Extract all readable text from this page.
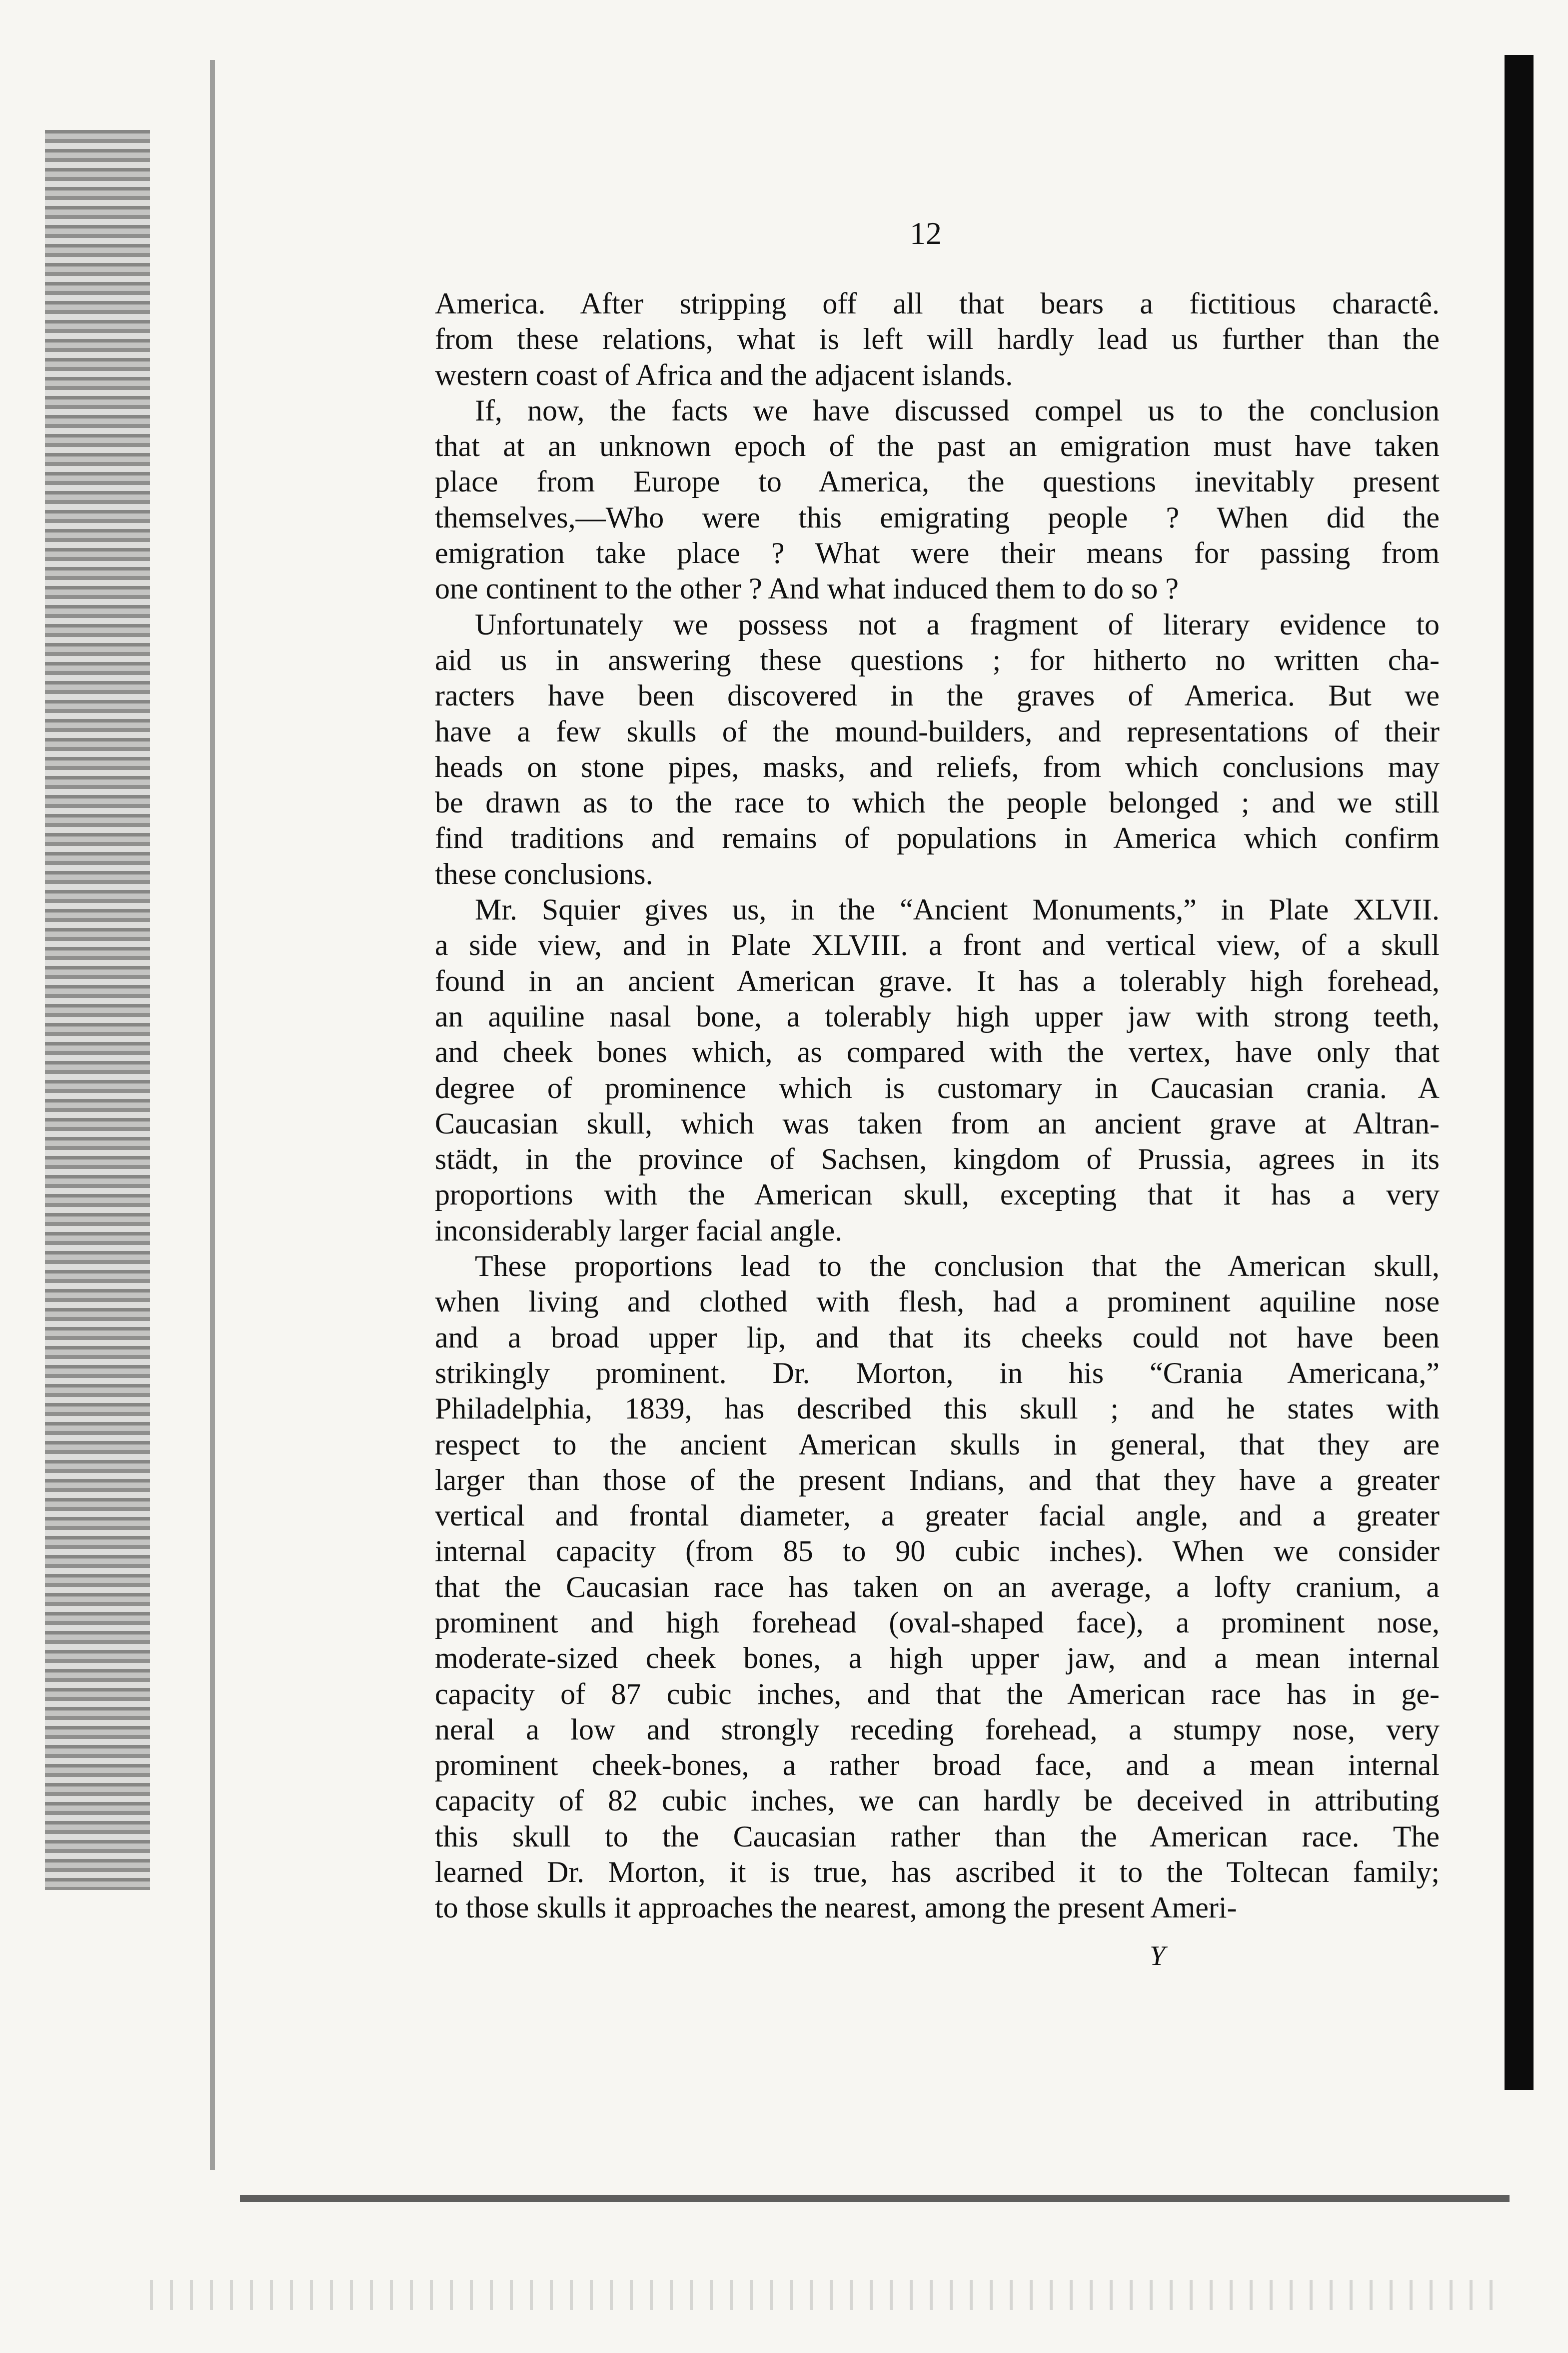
12
America. After stripping off all that bears a fictitious charactê.
from these relations, what is left will hardly lead us further than the
western coast of Africa and the adjacent islands.
If, now, the facts we have discussed compel us to the conclusion
that at an unknown epoch of the past an emigration must have taken
place from Europe to America, the questions inevitably present
themselves,—Who were this emigrating people ? When did the
emigration take place ? What were their means for passing from
one continent to the other ? And what induced them to do so ?
Unfortunately we possess not a fragment of literary evidence to
aid us in answering these questions ; for hitherto no written cha-
racters have been discovered in the graves of America. But we
have a few skulls of the mound-builders, and representations of their
heads on stone pipes, masks, and reliefs, from which conclusions may
be drawn as to the race to which the people belonged ; and we still
find traditions and remains of populations in America which confirm
these conclusions.
Mr. Squier gives us, in the “Ancient Monuments,” in Plate XLVII.
a side view, and in Plate XLVIII. a front and vertical view, of a skull
found in an ancient American grave. It has a tolerably high forehead,
an aquiline nasal bone, a tolerably high upper jaw with strong teeth,
and cheek bones which, as compared with the vertex, have only that
degree of prominence which is customary in Caucasian crania. A
Caucasian skull, which was taken from an ancient grave at Altran-
städt, in the province of Sachsen, kingdom of Prussia, agrees in its
proportions with the American skull, excepting that it has a very
inconsiderably larger facial angle.
These proportions lead to the conclusion that the American skull,
when living and clothed with flesh, had a prominent aquiline nose
and a broad upper lip, and that its cheeks could not have been
strikingly prominent. Dr. Morton, in his “Crania Americana,”
Philadelphia, 1839, has described this skull ; and he states with
respect to the ancient American skulls in general, that they are
larger than those of the present Indians, and that they have a greater
vertical and frontal diameter, a greater facial angle, and a greater
internal capacity (from 85 to 90 cubic inches). When we consider
that the Caucasian race has taken on an average, a lofty cranium, a
prominent and high forehead (oval-shaped face), a prominent nose,
moderate-sized cheek bones, a high upper jaw, and a mean internal
capacity of 87 cubic inches, and that the American race has in ge-
neral a low and strongly receding forehead, a stumpy nose, very
prominent cheek-bones, a rather broad face, and a mean internal
capacity of 82 cubic inches, we can hardly be deceived in attributing
this skull to the Caucasian rather than the American race. The
learned Dr. Morton, it is true, has ascribed it to the Toltecan family;
to those skulls it approaches the nearest, among the present Ameri-
Y
